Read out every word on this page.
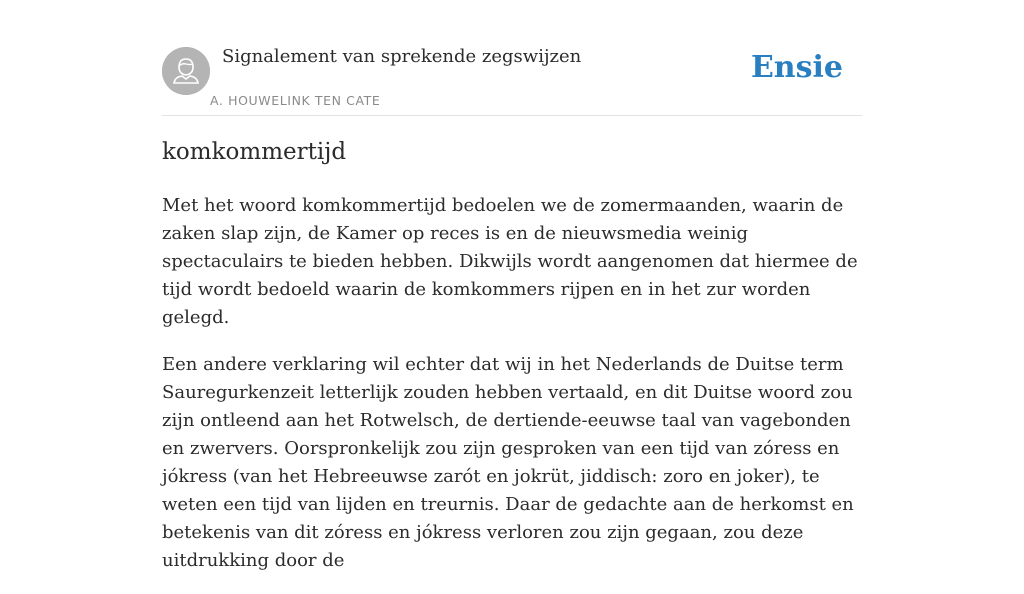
Signalement van sprekende zegswijzen
A. HOUWELINK TEN CATE
Ensie
komkommertijd

Met het woord komkommertijd bedoelen we de zomermaanden, waarin de zaken slap zijn, de Kamer op reces is en de nieuwsmedia weinig spectaculairs te bieden hebben. Dikwijls wordt aangenomen dat hiermee de tijd wordt bedoeld waarin de komkommers rijpen en in het zur worden gelegd.

Een andere verklaring wil echter dat wij in het Nederlands de Duitse term Sauregurkenzeit letterlijk zouden hebben vertaald, en dit Duitse woord zou zijn ontleend aan het Rotwelsch, de dertiende-eeuwse taal van vagebonden en zwervers. Oorspronkelijk zou zijn gesproken van een tijd van zóress en jókress (van het Hebreeuwse zarót en jokrüt, jiddisch: zoro en joker), te weten een tijd van lijden en treurnis. Daar de gedachte aan de herkomst en betekenis van dit zóress en jókress verloren zou zijn gegaan, zou deze uitdrukking door de
